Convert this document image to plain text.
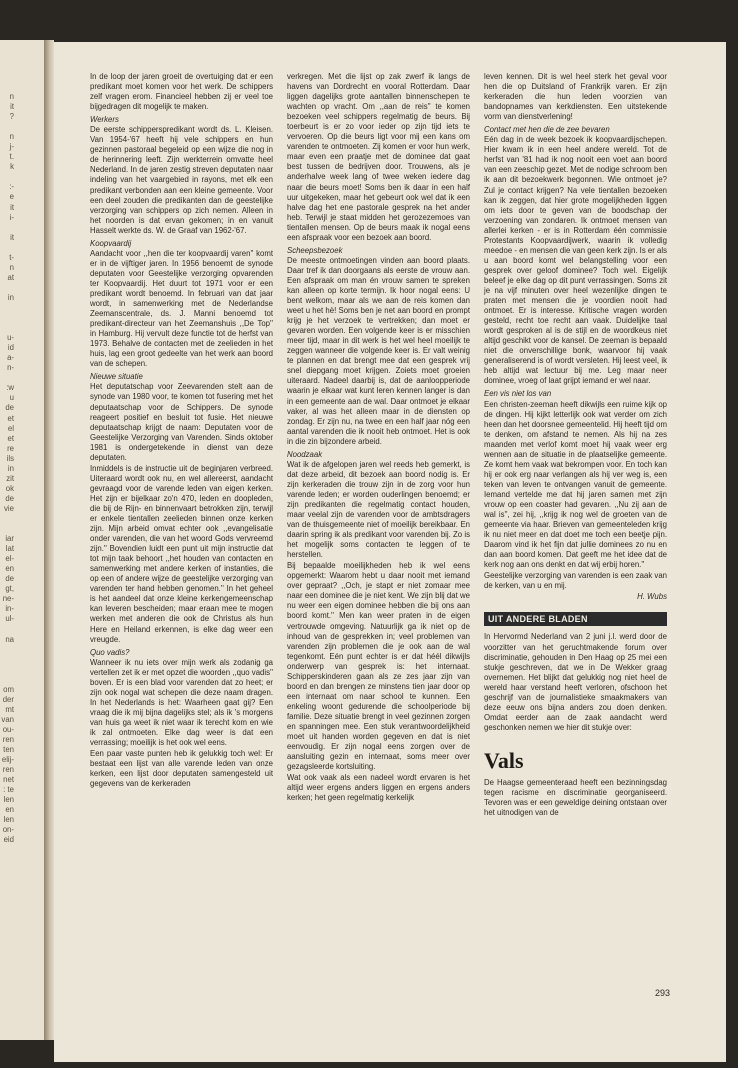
n
it
?

n
j-
t.
k

:-
e
it
i-

it

t-
n
at

in

u-
id
a-
n-

:w
u
de
et
el
et
re
ils
in
zit
ok
de
vie

iar
lat
el-
en
de
gt,
ne-
in-
ul-

na

om
der
mt
van
ou-
ren
ten
elij-
ren
net
: te
len
en
len
on-
eid

In de loop der jaren groeit de overtuiging dat er een predikant moet komen voor het werk. De schippers zelf vragen erom. Financieel hebben zij er veel toe bijgedragen dit mogelijk te maken.

Werkers

De eerste schipperspredikant wordt ds. L. Kleisen. Van 1954-'67 heeft hij vele schippers en hun gezinnen pastoraal begeleid op een wijze die nog in de herinnering leeft. Zijn werkterrein omvatte heel Nederland. In de jaren zestig streven deputaten naar indeling van het vaargebied in rayons, met elk een predikant verbonden aan een kleine gemeente. Voor een deel zouden die predikanten dan de geestelijke verzorging van schippers op zich nemen. Alleen in het noorden is dat ervan gekomen; in en vanuit Hasselt werkte ds. W. de Graaf van 1962-'67.

Koopvaardij

Aandacht voor ,,hen die ter koopvaardij varen'' komt er in de vijftiger jaren. In 1956 benoemt de synode deputaten voor Geestelijke verzorging opvarenden ter Koopvaardij. Het duurt tot 1971 voor er een predikant wordt benoemd. In februari van dat jaar wordt, in samenwerking met de Nederlandse Zeemanscentrale, ds. J. Manni benoemd tot predikant-directeur van het Zeemanshuis ,,De Top'' in Hamburg. Hij vervult deze functie tot de herfst van 1973. Behalve de contacten met de zeelieden in het huis, lag een groot gedeelte van het werk aan boord van de schepen.

Nieuwe situatie

Het deputatschap voor Zeevarenden stelt aan de synode van 1980 voor, te komen tot fusering met het deputaatschap voor de Schippers. De synode reageert positief en besluit tot fusie. Het nieuwe deputaatschap krijgt de naam: Deputaten voor de Geestelijke Verzorging van Varenden. Sinds oktober 1981 is ondergetekende in dienst van deze deputaten.

Inmiddels is de instructie uit de beginjaren verbreed. Uiteraard wordt ook nu, en wel allereerst, aandacht gevraagd voor de varende leden van eigen kerken. Het zijn er bijelkaar zo'n 470, leden en doopleden, die bij de Rijn- en binnenvaart betrokken zijn, terwijl er enkele tientallen zeelieden binnen onze kerken zijn. Mijn arbeid omvat echter ook ,,evangelisatie onder varenden, die van het woord Gods vervreemd zijn.'' Bovendien luidt een punt uit mijn instructie dat tot mijn taak behoort ,,het houden van contacten en samenwerking met andere kerken of instanties, die op een of andere wijze de geestelijke verzorging van varenden ter hand hebben genomen.'' In het geheel is het aandeel dat onze kleine kerkengemeenschap kan leveren bescheiden; maar eraan mee te mogen werken met anderen die ook de Christus als hun Here en Heiland erkennen, is elke dag weer een vreugde.

Quo vadis?

Wanneer ik nu iets over mijn werk als zodanig ga vertellen zet ik er met opzet die woorden ,,quo vadis'' boven. Er is een blad voor varenden dat zo heet; er zijn ook nogal wat schepen die deze naam dragen. In het Nederlands is het: Waarheen gaat gij? Een vraag die ik mij bijna dagelijks stel; als ik 's morgens van huis ga weet ik niet waar ik terecht kom en wie ik zal ontmoeten. Elke dag weer is dat een verrassing; moeilijk is het ook wel eens.

Een paar vaste punten heb ik gelukkig toch wel: Er bestaat een lijst van alle varende leden van onze kerken, een lijst door deputaten samengesteld uit gegevens van de kerkeraden

verkregen. Met die lijst op zak zwerf ik langs de havens van Dordrecht en vooral Rotterdam. Daar liggen dagelijks grote aantallen binnenschepen te wachten op vracht. Om ,,aan de reis'' te komen bezoeken veel schippers regelmatig de beurs. Bij toerbeurt is er zo voor ieder op zijn tijd iets te vervoeren. Op die beurs ligt voor mij een kans om varenden te ontmoeten. Zij komen er voor hun werk, maar even een praatje met de dominee dat gaat best tussen de bedrijven door. Trouwens, als je anderhalve week lang of twee weken iedere dag naar die beurs moet! Soms ben ik daar in een half uur uitgekeken, maar het gebeurt ook wel dat ik een halve dag het ene pastorale gesprek na het ander heb. Terwijl je staat midden het gerozezemoes van tientallen mensen. Op de beurs maak ik nogal eens een afspraak voor een bezoek aan boord.

Scheepsbezoek

De meeste ontmoetingen vinden aan boord plaats. Daar tref ik dan doorgaans als eerste de vrouw aan. Een afspraak om man én vrouw samen te spreken kan alleen op korte termijn. Ik hoor nogal eens: U bent welkom, maar als we aan de reis komen dan weet u het hè! Soms ben je net aan boord en prompt krijg je het verzoek te vertrekken; dan moet er gevaren worden. Een volgende keer is er misschien meer tijd, maar in dit werk is het wel heel moeilijk te zeggen wanneer die volgende keer is. Er valt weinig te plannen en dat brengt mee dat een gesprek vrij snel diepgang moet krijgen. Zoiets moet groeien uiteraard. Nadeel daarbij is, dat de aanloopperiode waarin je elkaar wat kunt leren kennen langer is dan in een gemeente aan de wal. Daar ontmoet je elkaar vaker, al was het alleen maar in de diensten op zondag. Er zijn nu, na twee en een half jaar nóg een aantal varenden die ik nooit heb ontmoet. Het is ook in die zin bijzondere arbeid.

Noodzaak

Wat ik de afgelopen jaren wel reeds heb gemerkt, is dat deze arbeid, dit bezoek aan boord nodig is. Er zijn kerkeraden die trouw zijn in de zorg voor hun varende leden; er worden ouderlingen benoemd; er zijn predikanten die regelmatig contact houden, maar veelal zijn de varenden voor de ambtsdragers van de thuisgemeente niet of moeilijk bereikbaar. En daarin spring ik als predikant voor varenden bij. Zo is het mogelijk soms contacten te leggen of te herstellen.

Bij bepaalde moeilijkheden heb ik wel eens opgemerkt: Waarom hebt u daar nooit met iemand over gepraat? ,,Och, je stapt er niet zomaar mee naar een dominee die je niet kent. We zijn blij dat we nu weer een eigen dominee hebben die bij ons aan boord komt.'' Men kan weer praten in de eigen vertrouwde omgeving. Natuurlijk ga ik niet op de inhoud van de gesprekken in; veel problemen van varenden zijn problemen die je ook aan de wal tegenkomt. Eén punt echter is er dat héél dikwijls onderwerp van gesprek is: het internaat. Schipperskinderen gaan als ze zes jaar zijn van boord en dan brengen ze minstens tien jaar door op een internaat om naar school te kunnen. Een enkeling woont gedurende die schoolperiode bij familie. Deze situatie brengt in veel gezinnen zorgen en spanningen mee. Een stuk verantwoordelijkheid moet uit handen worden gegeven en dat is niet eenvoudig. Er zijn nogal eens zorgen over de aansluiting gezin en internaat, soms meer over gezagsleerde kortsluiting.

Wat ook vaak als een nadeel wordt ervaren is het altijd weer ergens anders liggen en ergens anders kerken; het geen regelmatig kerkelijk

leven kennen. Dit is wel heel sterk het geval voor hen die op Duitsland of Frankrijk varen. Er zijn kerkeraden die hun leden voorzien van bandopnames van kerkdiensten. Een uitstekende vorm van dienstverlening!

Contact met hen die de zee bevaren

Eén dag in de week bezoek ik koopvaardijschepen. Hier kwam ik in een heel andere wereld. Tot de herfst van '81 had ik nog nooit een voet aan boord van een zeeschip gezet. Met de nodige schroom ben ik aan dit bezoekwerk begonnen. Wie ontmoet je? Zul je contact krijgen? Na vele tientallen bezoeken kan ik zeggen, dat hier grote mogelijkheden liggen om iets door te geven van de boodschap der verzoening van zondaren. Ik ontmoet mensen van allerlei kerken - er is in Rotterdam één commissie Protestants Koopvaardijwerk, waarin ik volledig meedoe - en mensen die van geen kerk zijn. Is er als u aan boord komt wel belangstelling voor een gesprek over geloof dominee? Toch wel. Eigelijk beleef je elke dag op dit punt verrassingen. Soms zit je na vijf minuten over heel wezenlijke dingen te praten met mensen die je voordien nooit had ontmoet. Er is interesse. Kritische vragen worden gesteld, recht toe recht aan vaak. Duidelijke taal wordt gesproken al is de stijl en de woordkeus niet altijd geschikt voor de kansel. De zeeman is bepaald niet die onverschillige bonk, waarvoor hij vaak generaliserend is of wordt versleten. Hij leest veel, ik heb altijd wat lectuur bij me. Leg maar neer dominee, vroeg of laat grijpt iemand er wel naar.

Een vis niet los van

Een christen-zeeman heeft dikwijls een ruime kijk op de dingen. Hij kijkt letterlijk ook wat verder om zich heen dan het doorsnee gemeentelid. Hij heeft tijd om te denken, om afstand te nemen. Als hij na zes maanden met verlof komt moet hij vaak weer erg wennen aan de situatie in de plaatselijke gemeente. Ze komt hem vaak wat bekrompen voor. En toch kan hij er ook erg naar verlangen als hij ver weg is, een teken van leven te ontvangen vanuit de gemeente. Iemand vertelde me dat hij jaren samen met zijn vrouw op een coaster had gevaren. ,,Nu zij aan de wal is'', zei hij, ,,krijg ik nog wel de groeten van de gemeente via haar. Brieven van gemeenteleden krijg ik nu niet meer en dat doet me toch een beetje pijn. Daarom vind ik het fijn dat jullie dominees zo nu en dan aan boord komen. Dat geeft me het idee dat de kerk nog aan ons denkt en dat wij erbij horen.''

Geestelijke verzorging van varenden is een zaak van de kerken, van u en mij.

H. Wubs
UIT ANDERE BLADEN

In Hervormd Nederland van 2 juni j.l. werd door de voorzitter van het geruchtmakende forum over discriminatie, gehouden in Den Haag op 25 mei een stukje geschreven, dat we in De Wekker graag overnemen. Het blijkt dat gelukkig nog niet heel de wereld haar verstand heeft verloren, ofschoon het geschrijf van de journalistieke smaakmakers van deze eeuw ons bijna anders zou doen denken. Omdat eerder aan de zaak aandacht werd geschonken nemen we hier dit stukje over:

Vals

De Haagse gemeenteraad heeft een bezinningsdag tegen racisme en discriminatie georganiseerd. Tevoren was er een geweldige deining ontstaan over het uitnodigen van de

293
